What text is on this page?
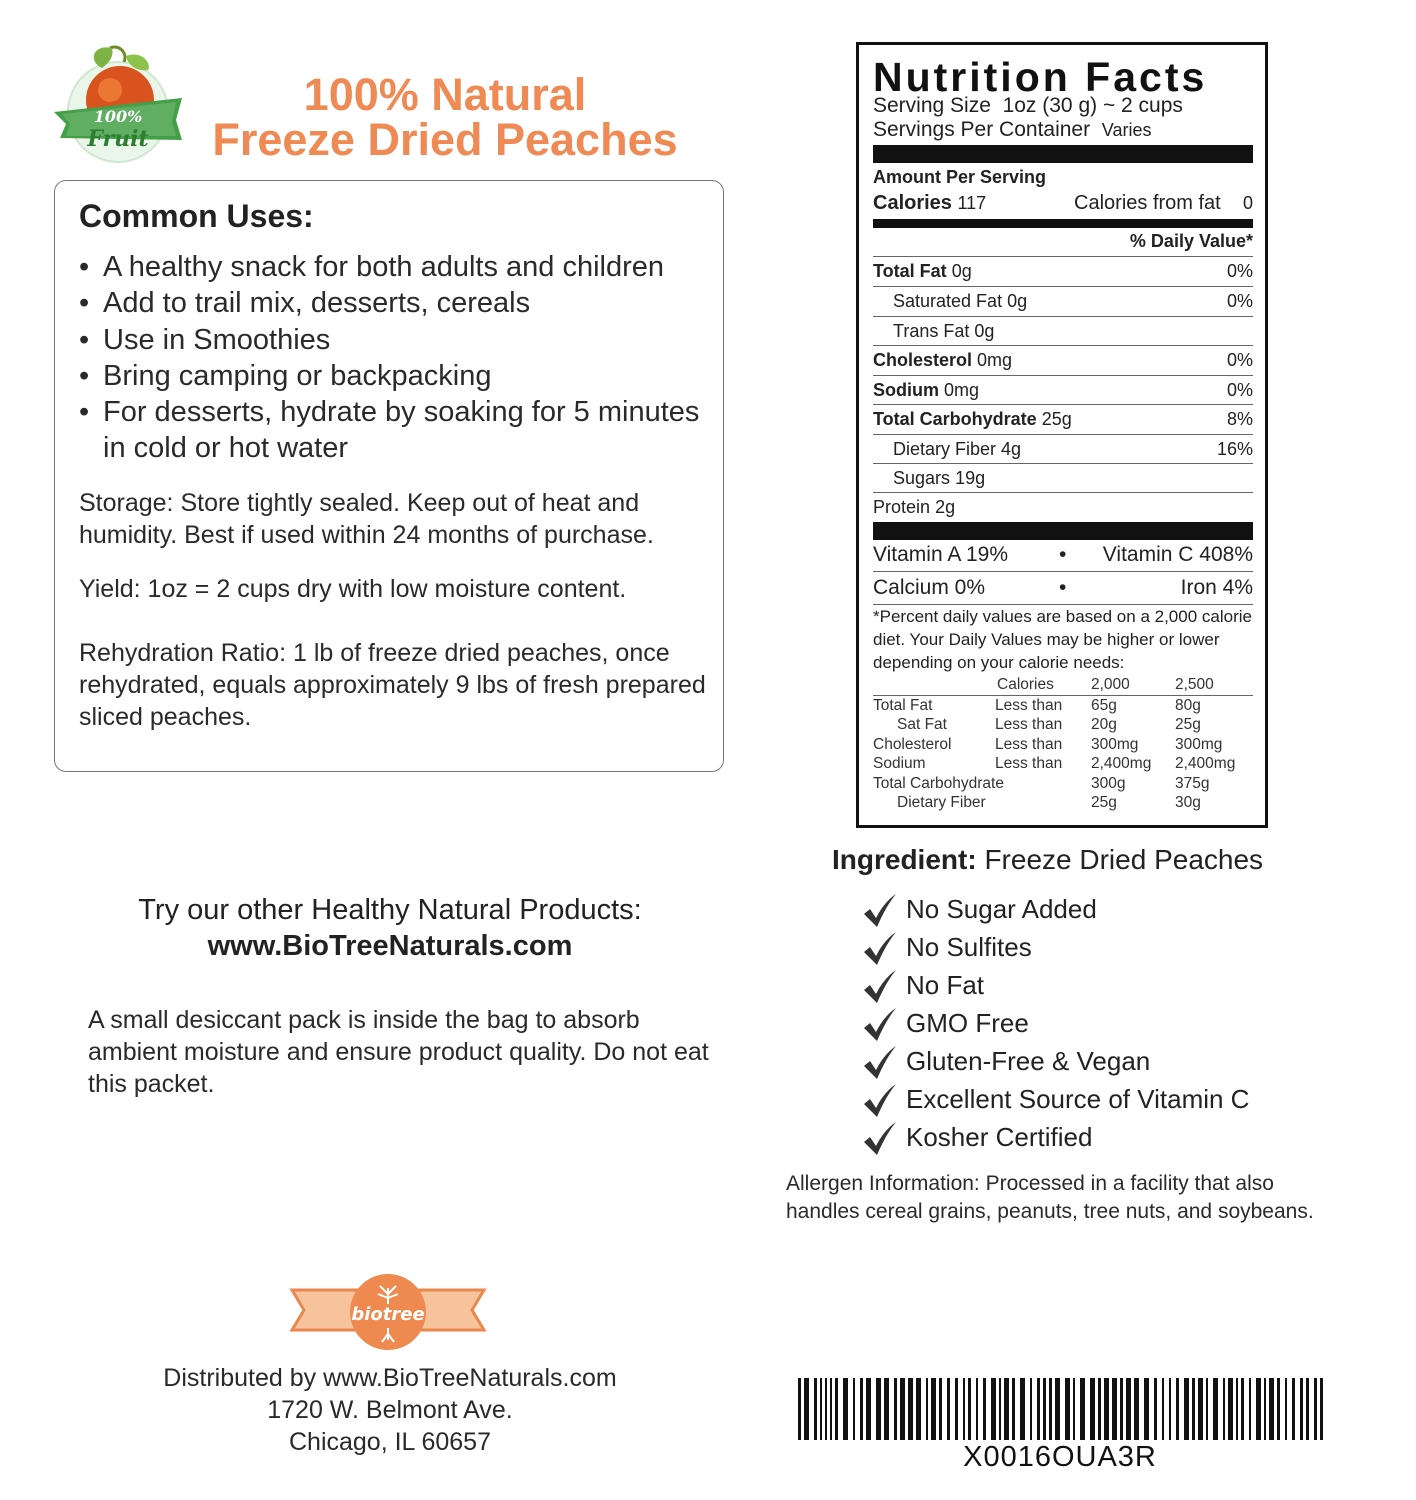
100%
Fruit
100% Natural
Freeze Dried Peaches
Common Uses:
• A healthy snack for both adults and children
• Add to trail mix, desserts, cereals
• Use in Smoothies
• Bring camping or backpacking
• For desserts, hydrate by soaking for 5 minutes in cold or hot water
Storage: Store tightly sealed. Keep out of heat and humidity. Best if used within 24 months of purchase.
Yield: 1oz = 2 cups dry with low moisture content.
Rehydration Ratio: 1 lb of freeze dried peaches, once rehydrated, equals approximately 9 lbs of fresh prepared sliced peaches.
Try our other Healthy Natural Products:
www.BioTreeNaturals.com
A small desiccant pack is inside the bag to absorb ambient moisture and ensure product quality. Do not eat this packet.
biotree
Distributed by www.BioTreeNaturals.com
1720 W. Belmont Ave.
Chicago, IL 60657
Nutrition Facts
Serving Size 1oz (30 g) ~ 2 cups
Servings Per Container Varies
Amount Per Serving
Calories 117	Calories from fat 0
% Daily Value*
Total Fat 0g	0%
Saturated Fat 0g	0%
Trans Fat 0g
Cholesterol 0mg	0%
Sodium 0mg	0%
Total Carbohydrate 25g	8%
Dietary Fiber 4g	16%
Sugars 19g
Protein 2g
Vitamin A 19% • Vitamin C 408%
Calcium 0%	•	Iron 4%
*Percent daily values are based on a 2,000 calorie diet. Your Daily Values may be higher or lower depending on your calorie needs:
	Calories	2,000	2,500
Total Fat	Less than	65g	80g
Sat Fat	Less than	20g	25g
Cholesterol	Less than	300mg	300mg
Sodium	Less than	2,400mg	2,400mg
Total Carbohydrate		300g	375g
Dietary Fiber		25g	30g
Ingredient: Freeze Dried Peaches
No Sugar Added
No Sulfites
No Fat
GMO Free
Gluten-Free & Vegan
Excellent Source of Vitamin C
Kosher Certified
Allergen Information: Processed in a facility that also handles cereal grains, peanuts, tree nuts, and soybeans.
X0016OUA3R
